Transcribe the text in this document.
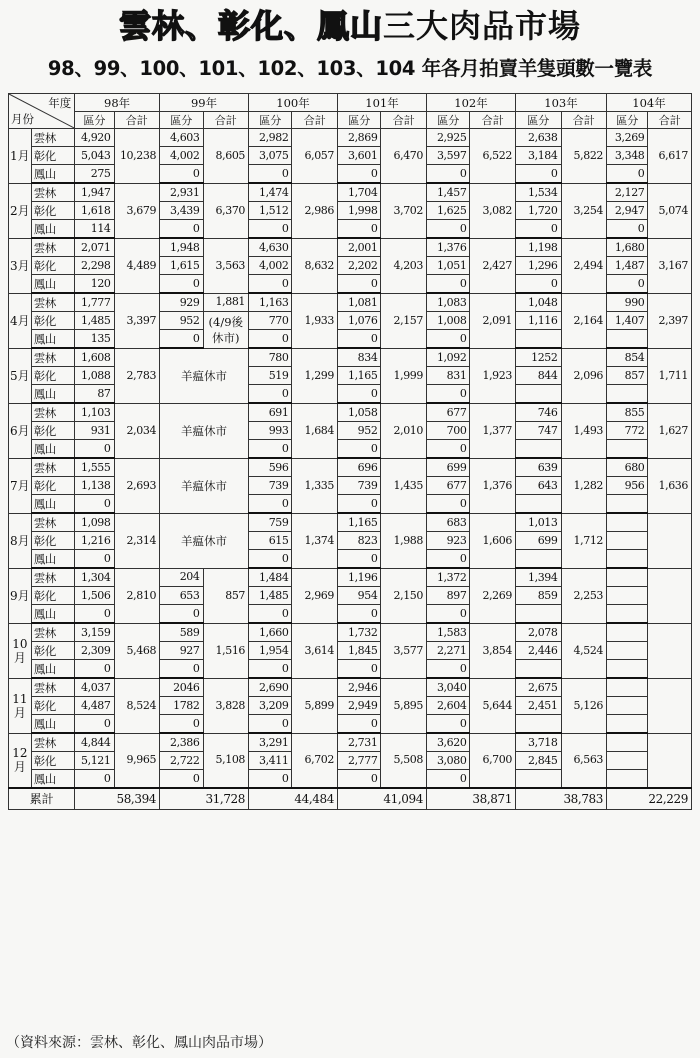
雲林、彰化、鳳山三大肉品市場
98、99、100、101、102、103、104 年各月拍賣羊隻頭數一覽表
年度
月份		98年		99年		100年		101年		102年		103年		104年	
		區分	合計	區分	合計	區分	合計	區分	合計	區分	合計	區分	合計	區分	合計
1月	雲林	4,920	10,238	4,603	8,605	2,982	6,057	2,869	6,470	2,925	6,522	2,638	5,822	3,269	6,617
	彰化	5,043		4,002		3,075		3,601		3,597		3,184		3,348	
	鳳山	275		0		0		0		0		0		0	
2月	雲林	1,947	3,679	2,931	6,370	1,474	2,986	1,704	3,702	1,457	3,082	1,534	3,254	2,127	5,074
	彰化	1,618		3,439		1,512		1,998		1,625		1,720		2,947	
	鳳山	114		0		0		0		0		0		0	
3月	雲林	2,071	4,489	1,948	3,563	4,630	8,632	2,001	4,203	1,376	2,427	1,198	2,494	1,680	3,167
	彰化	2,298		1,615		4,002		2,202		1,051		1,296		1,487	
	鳳山	120		0		0		0		0		0		0	
4月	雲林	1,777	3,397	929	1,881	1,163	1,933	1,081	2,157	1,083	2,091	1,048	2,164	990	2,397
	彰化	1,485		952	(4/9後休市)	770		1,076		1,008		1,116		1,407	
	鳳山	135		0		0		0		0					
5月	雲林	1,608	2,783	羊瘟休市		780	1,299	834	1,999	1,092	1,923	1252	2,096	854	1,711
	彰化	1,088				519		1,165		831		844		857	
	鳳山	87				0		0		0					
6月	雲林	1,103	2,034	羊瘟休市		691	1,684	1,058	2,010	677	1,377	746	1,493	855	1,627
	彰化	931				993		952		700		747		772	
	鳳山	0				0		0		0					
7月	雲林	1,555	2,693	羊瘟休市		596	1,335	696	1,435	699	1,376	639	1,282	680	1,636
	彰化	1,138				739		739		677		643		956	
	鳳山	0				0		0		0					
8月	雲林	1,098	2,314	羊瘟休市		759	1,374	1,165	1,988	683	1,606	1,013	1,712		
	彰化	1,216				615		823		923		699			
	鳳山	0				0		0		0					
9月	雲林	1,304	2,810	204	857	1,484	2,969	1,196	2,150	1,372	2,269	1,394	2,253		
	彰化	1,506		653		1,485		954		897		859			
	鳳山	0		0		0		0		0					
10月	雲林	3,159	5,468	589	1,516	1,660	3,614	1,732	3,577	1,583	3,854	2,078	4,524		
	彰化	2,309		927		1,954		1,845		2,271		2,446			
	鳳山	0		0		0		0		0					
11月	雲林	4,037	8,524	2046	3,828	2,690	5,899	2,946	5,895	3,040	5,644	2,675	5,126		
	彰化	4,487		1782		3,209		2,949		2,604		2,451			
	鳳山	0		0		0		0		0					
12月	雲林	4,844	9,965	2,386	5,108	3,291	6,702	2,731	5,508	3,620	6,700	3,718	6,563		
	彰化	5,121		2,722		3,411		2,777		3,080		2,845			
	鳳山	0		0		0		0		0					
累計		58,394		31,728		44,484		41,094		38,871		38,783		22,229	
（資料來源：雲林、彰化、鳳山肉品市場）
